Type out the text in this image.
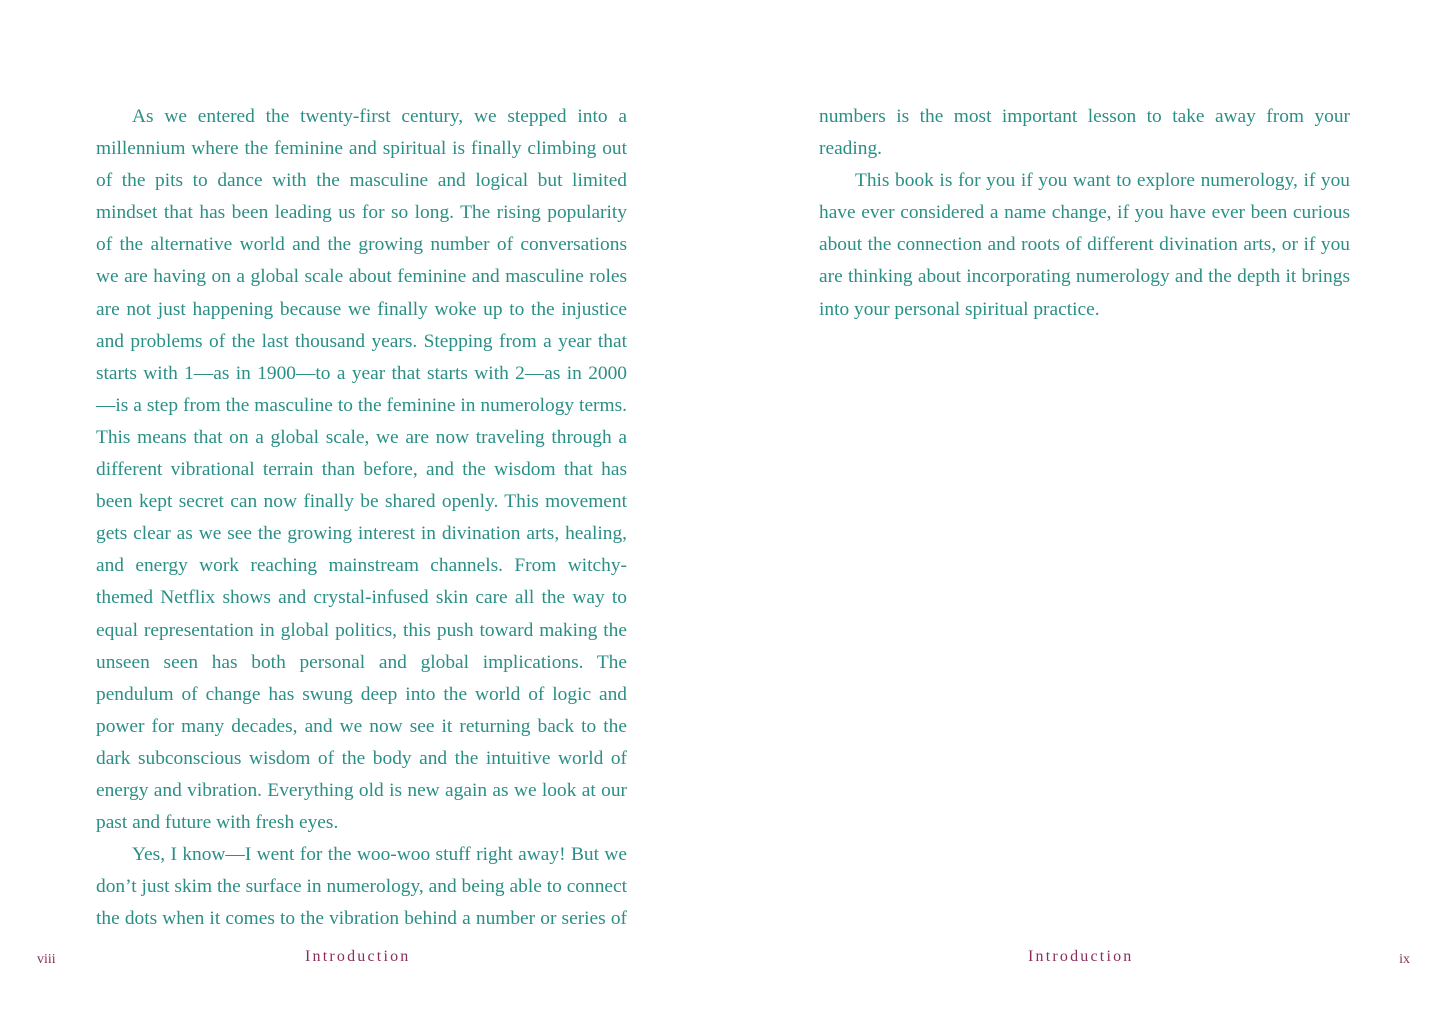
As we entered the twenty-first century, we stepped into a millennium where the feminine and spiritual is finally climbing out of the pits to dance with the masculine and logical but limited mindset that has been leading us for so long. The rising popularity of the alternative world and the growing number of conversations we are having on a global scale about feminine and masculine roles are not just happening because we finally woke up to the injustice and problems of the last thousand years. Stepping from a year that starts with 1—as in 1900—to a year that starts with 2—as in 2000—is a step from the masculine to the feminine in numerology terms. This means that on a global scale, we are now traveling through a different vibrational terrain than before, and the wisdom that has been kept secret can now finally be shared openly. This movement gets clear as we see the growing interest in divination arts, healing, and energy work reaching mainstream channels. From witchy-themed Netflix shows and crystal-infused skin care all the way to equal representation in global politics, this push toward making the unseen seen has both personal and global implications. The pendulum of change has swung deep into the world of logic and power for many decades, and we now see it returning back to the dark subconscious wisdom of the body and the intuitive world of energy and vibration. Everything old is new again as we look at our past and future with fresh eyes.

Yes, I know—I went for the woo-woo stuff right away! But we don’t just skim the surface in numerology, and being able to connect the dots when it comes to the vibration behind a number or series of

viii	Introduction

numbers is the most important lesson to take away from your reading.

This book is for you if you want to explore numerology, if you have ever considered a name change, if you have ever been curious about the connection and roots of different divination arts, or if you are thinking about incorporating numerology and the depth it brings into your personal spiritual practice.

Introduction	ix
